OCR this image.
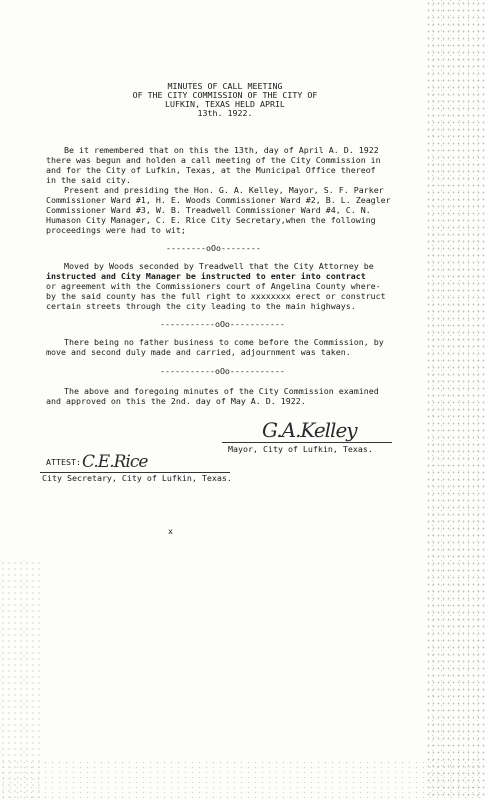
MINUTES OF CALL MEETING
OF THE CITY COMMISSION OF THE CITY OF
LUFKIN, TEXAS HELD APRIL
13th. 1922.
Be it remembered that on this the 13th, day of April A. D. 1922
there was begun and holden a call meeting of the City Commission in
and for the City of Lufkin, Texas, at the Municipal Office thereof
in the said city.
Present and presiding the Hon. G. A. Kelley, Mayor, S. F. Parker
Commissioner Ward #1, H. E. Woods Commissioner Ward #2, B. L. Zeagler
Commissioner Ward #3, W. B. Treadwell Commissioner Ward #4, C. N.
Humason City Manager, C. E. Rice City Secretary,when the following
proceedings were had to wit;
--------oOo--------
Moved by Woods seconded by Treadwell that the City Attorney be
instructed and City Manager be instructed to enter into contract
or agreement with the Commissioners court of Angelina County where-
by the said county has the full right to xxxxxxxx erect or construct
certain streets through the city leading to the main highways.
-----------oOo-----------
There being no father business to come before the Commission, by
move and second duly made and carried, adjournment was taken.
-----------oOo-----------
The above and foregoing minutes of the City Commission examined
and approved on this the 2nd. day of May A. D. 1922.
G.A.Kelley
Mayor, City of Lufkin, Texas.
ATTEST: C.E.Rice
City Secretary, City of Lufkin, Texas.
x
